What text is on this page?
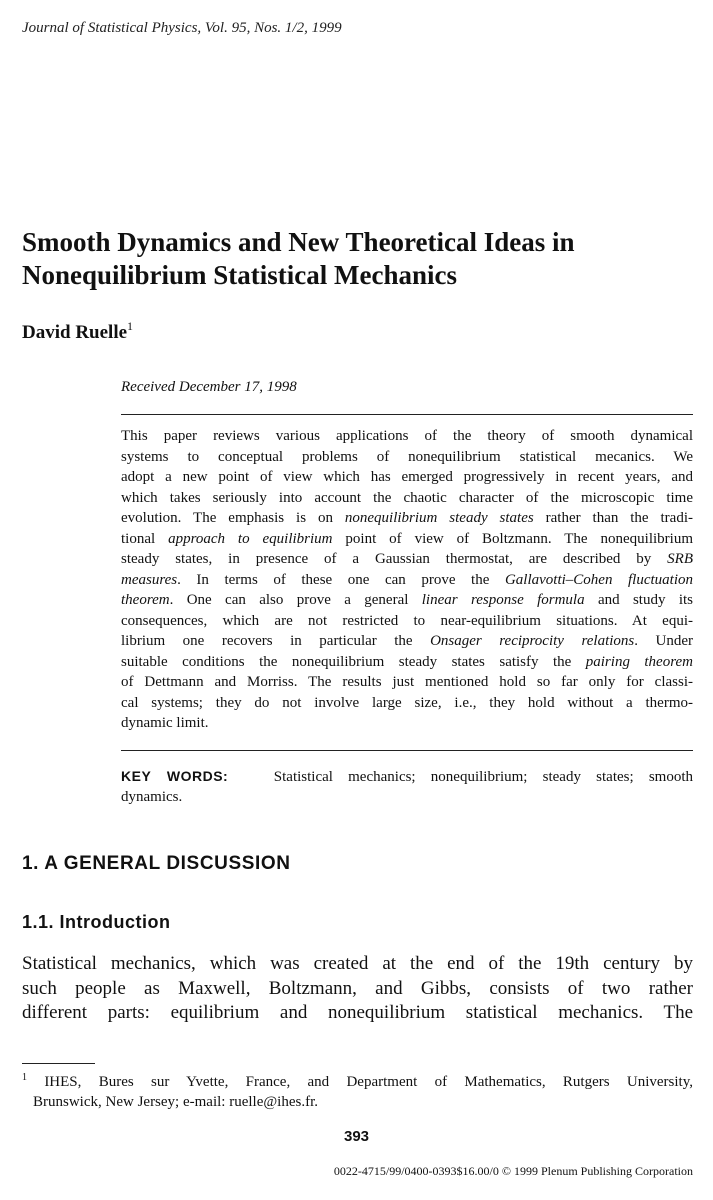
Journal of Statistical Physics, Vol. 95, Nos. 1/2, 1999
Smooth Dynamics and New Theoretical Ideas in
Nonequilibrium Statistical Mechanics
David Ruelle$^1$
Received December 17, 1998
This paper reviews various applications of the theory of smooth dynamical
systems to conceptual problems of nonequilibrium statistical mecanics. We
adopt a new point of view which has emerged progressively in recent years, and
which takes seriously into account the chaotic character of the microscopic time
evolution. The emphasis is on nonequilibrium steady states rather than the tradi-
tional approach to equilibrium point of view of Boltzmann. The nonequilibrium
steady states, in presence of a Gaussian thermostat, are described by SRB
measures. In terms of these one can prove the Gallavotti–Cohen fluctuation
theorem. One can also prove a general linear response formula and study its
consequences, which are not restricted to near-equilibrium situations. At equi-
librium one recovers in particular the Onsager reciprocity relations. Under
suitable conditions the nonequilibrium steady states satisfy the pairing theorem
of Dettmann and Morriss. The results just mentioned hold so far only for classi-
cal systems; they do not involve large size, i.e., they hold without a thermo-
dynamic limit.
KEY WORDS:	Statistical mechanics; nonequilibrium; steady states; smooth
dynamics.
1. A GENERAL DISCUSSION
1.1. Introduction
Statistical mechanics, which was created at the end of the 19th century by
such people as Maxwell, Boltzmann, and Gibbs, consists of two rather
different parts: equilibrium and nonequilibrium statistical mechanics. The
$^1$ IHES, Bures sur Yvette, France, and Department of Mathematics, Rutgers University,
Brunswick, New Jersey; e-mail: ruelle@ihes.fr.
393
0022-4715/99/0400-0393$16.00/0 © 1999 Plenum Publishing Corporation
